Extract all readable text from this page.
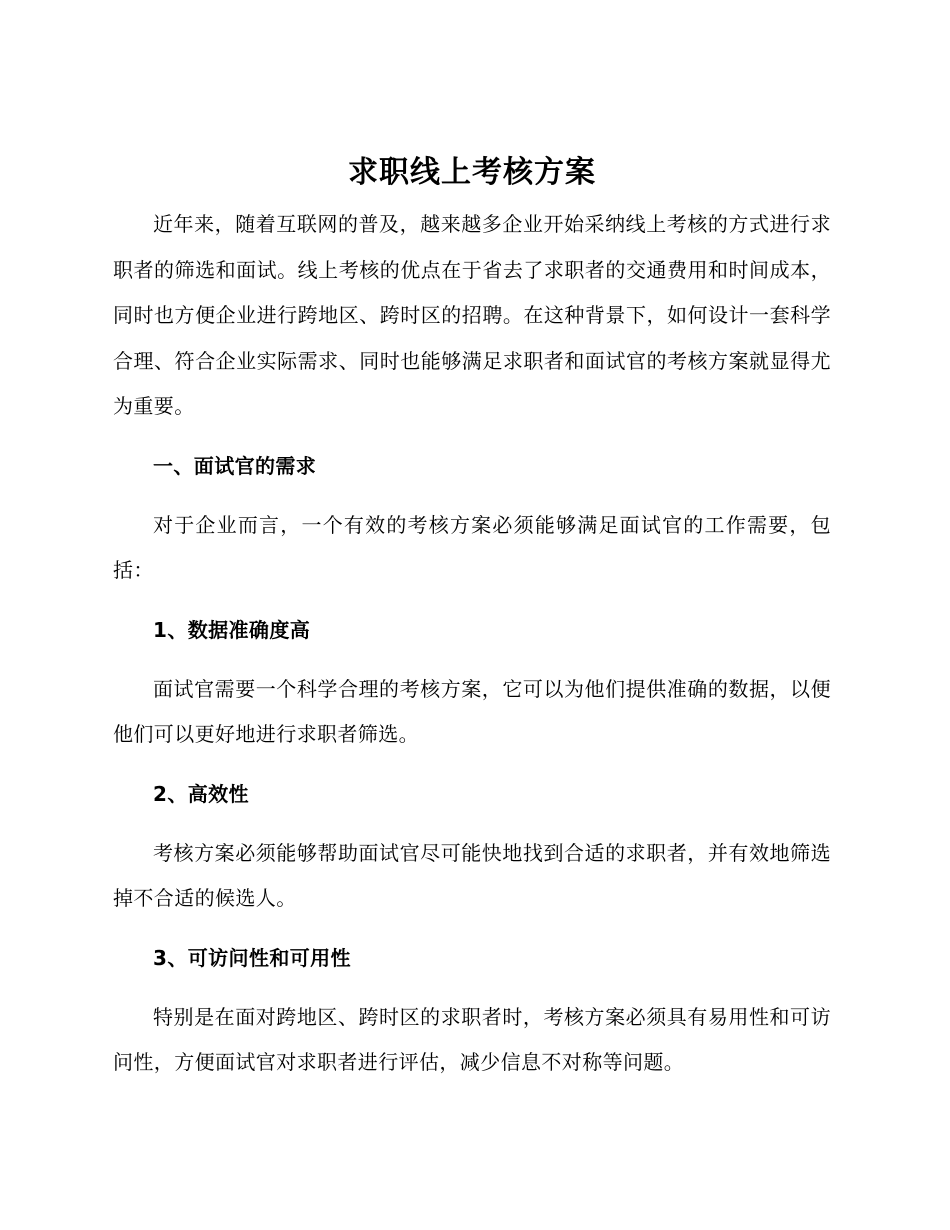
求职线上考核方案

近年来，随着互联网的普及，越来越多企业开始采纳线上考核的方式进行求职者的筛选和面试。线上考核的优点在于省去了求职者的交通费用和时间成本，同时也方便企业进行跨地区、跨时区的招聘。在这种背景下，如何设计一套科学合理、符合企业实际需求、同时也能够满足求职者和面试官的考核方案就显得尤为重要。

一、面试官的需求

对于企业而言，一个有效的考核方案必须能够满足面试官的工作需要，包括：

1、数据准确度高

面试官需要一个科学合理的考核方案，它可以为他们提供准确的数据，以便他们可以更好地进行求职者筛选。

2、高效性

考核方案必须能够帮助面试官尽可能快地找到合适的求职者，并有效地筛选掉不合适的候选人。

3、可访问性和可用性

特别是在面对跨地区、跨时区的求职者时，考核方案必须具有易用性和可访问性，方便面试官对求职者进行评估，减少信息不对称等问题。
